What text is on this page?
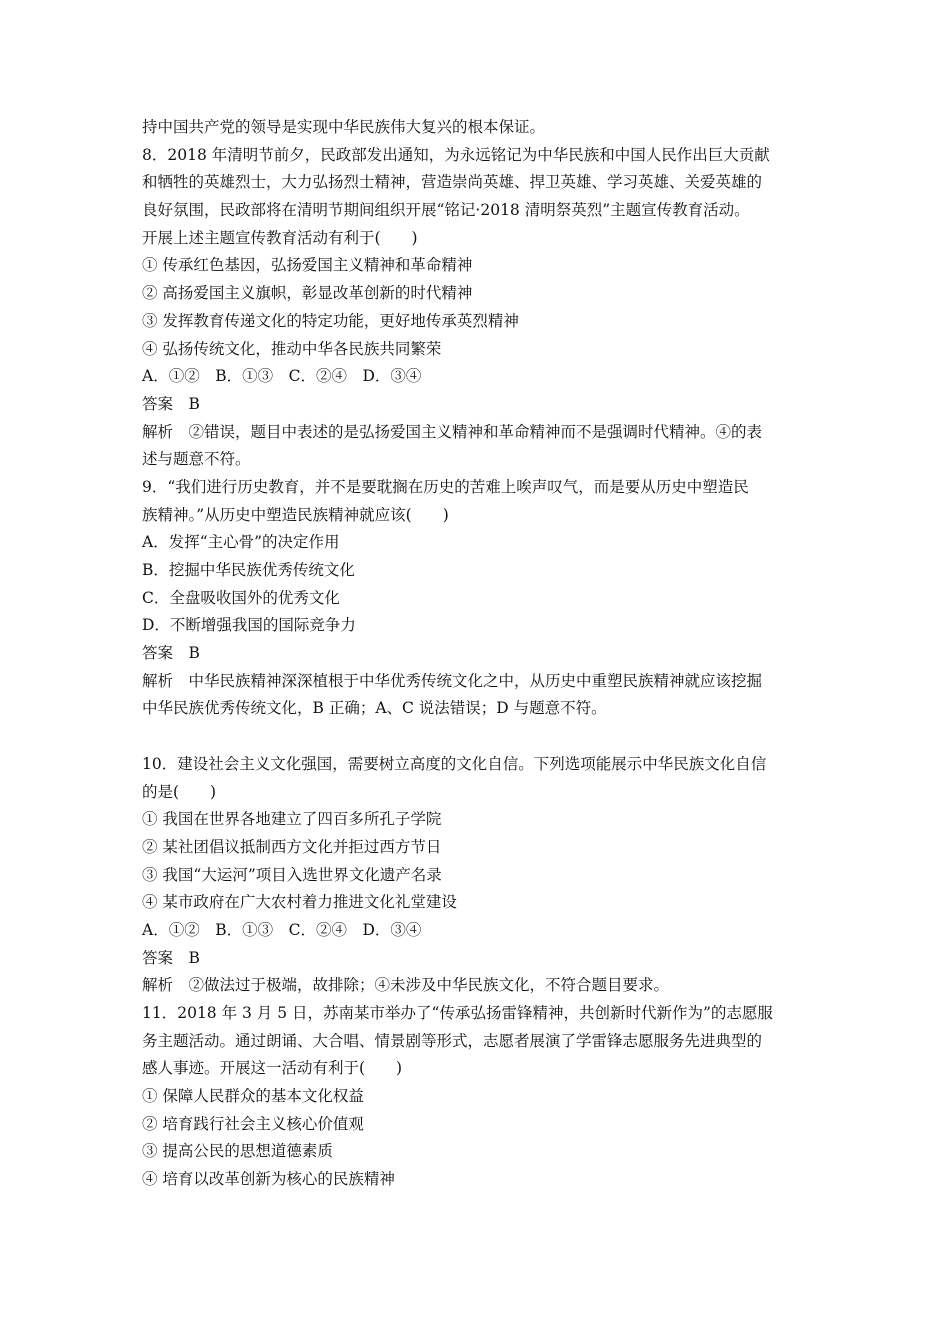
持中国共产党的领导是实现中华民族伟大复兴的根本保证。
8．2018 年清明节前夕，民政部发出通知，为永远铭记为中华民族和中国人民作出巨大贡献
和牺牲的英雄烈士，大力弘扬烈士精神，营造崇尚英雄、捍卫英雄、学习英雄、关爱英雄的
良好氛围，民政部将在清明节期间组织开展“铭记·2018 清明祭英烈”主题宣传教育活动。
开展上述主题宣传教育活动有利于(　　)
① 传承红色基因，弘扬爱国主义精神和革命精神
② 高扬爱国主义旗帜，彰显改革创新的时代精神
③ 发挥教育传递文化的特定功能，更好地传承英烈精神
④ 弘扬传统文化，推动中华各民族共同繁荣
A．①②　B．①③　C．②④　D．③④
答案　B
解析　②错误，题目中表述的是弘扬爱国主义精神和革命精神而不是强调时代精神。④的表
述与题意不符。
9．“我们进行历史教育，并不是要耽搁在历史的苦难上唉声叹气，而是要从历史中塑造民
族精神。”从历史中塑造民族精神就应该(　　)
A．发挥“主心骨”的决定作用
B．挖掘中华民族优秀传统文化
C．全盘吸收国外的优秀文化
D．不断增强我国的国际竞争力
答案　B
解析　中华民族精神深深植根于中华优秀传统文化之中，从历史中重塑民族精神就应该挖掘
中华民族优秀传统文化，B 正确；A、C 说法错误；D 与题意不符。
10．建设社会主义文化强国，需要树立高度的文化自信。下列选项能展示中华民族文化自信
的是(　　)
① 我国在世界各地建立了四百多所孔子学院
② 某社团倡议抵制西方文化并拒过西方节日
③ 我国“大运河”项目入选世界文化遗产名录
④ 某市政府在广大农村着力推进文化礼堂建设
A．①②　B．①③　C．②④　D．③④
答案　B
解析　②做法过于极端，故排除；④未涉及中华民族文化，不符合题目要求。
11．2018 年 3 月 5 日，苏南某市举办了“传承弘扬雷锋精神，共创新时代新作为”的志愿服
务主题活动。通过朗诵、大合唱、情景剧等形式，志愿者展演了学雷锋志愿服务先进典型的
感人事迹。开展这一活动有利于(　　)
① 保障人民群众的基本文化权益
② 培育践行社会主义核心价值观
③ 提高公民的思想道德素质
④ 培育以改革创新为核心的民族精神
